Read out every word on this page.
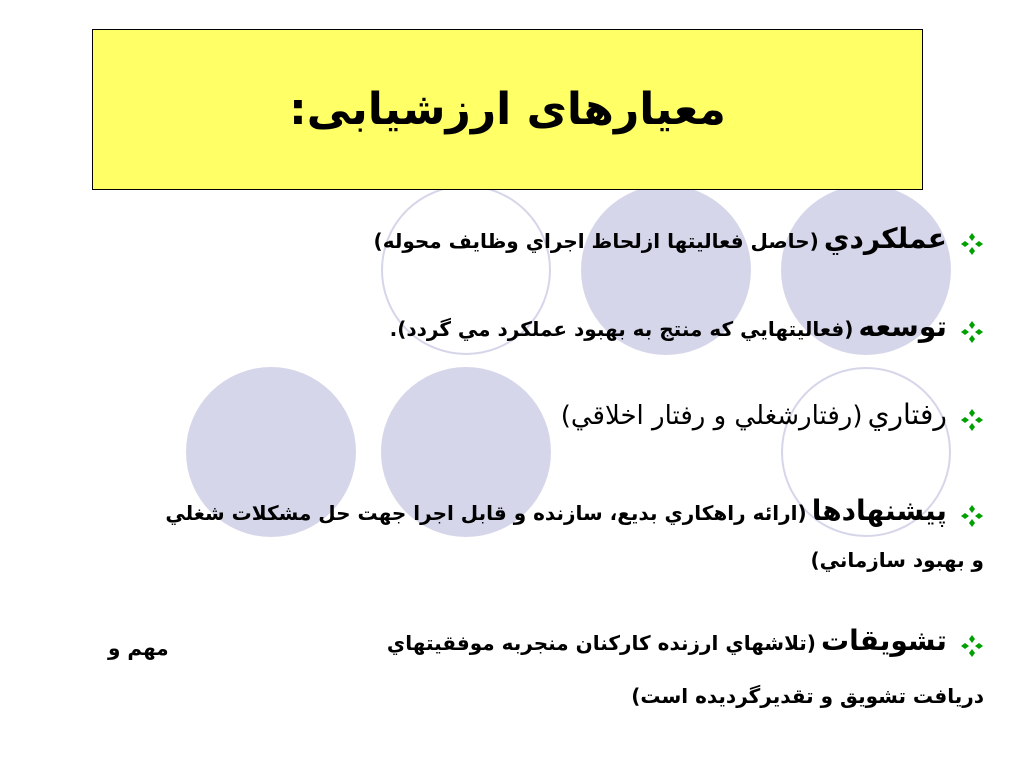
معیارهای ارزشیابی:
عملكردي (حاصل فعاليتها ازلحاظ اجراي وظايف محوله)
توسعه (فعاليتهايي كه منتج به بهبود عملكرد مي گردد).
رفتاري (رفتارشغلي و رفتار اخلاقي)
پيشنهادها (ارائه راهكاري بديع، سازنده و قابل اجرا جهت حل مشكلات شغلي
و بهبود سازماني)
تشويقات (تلاشهاي ارزنده كاركنان منجربه موفقيتهاي
مهم و
دريافت تشويق و تقديرگرديده است)
